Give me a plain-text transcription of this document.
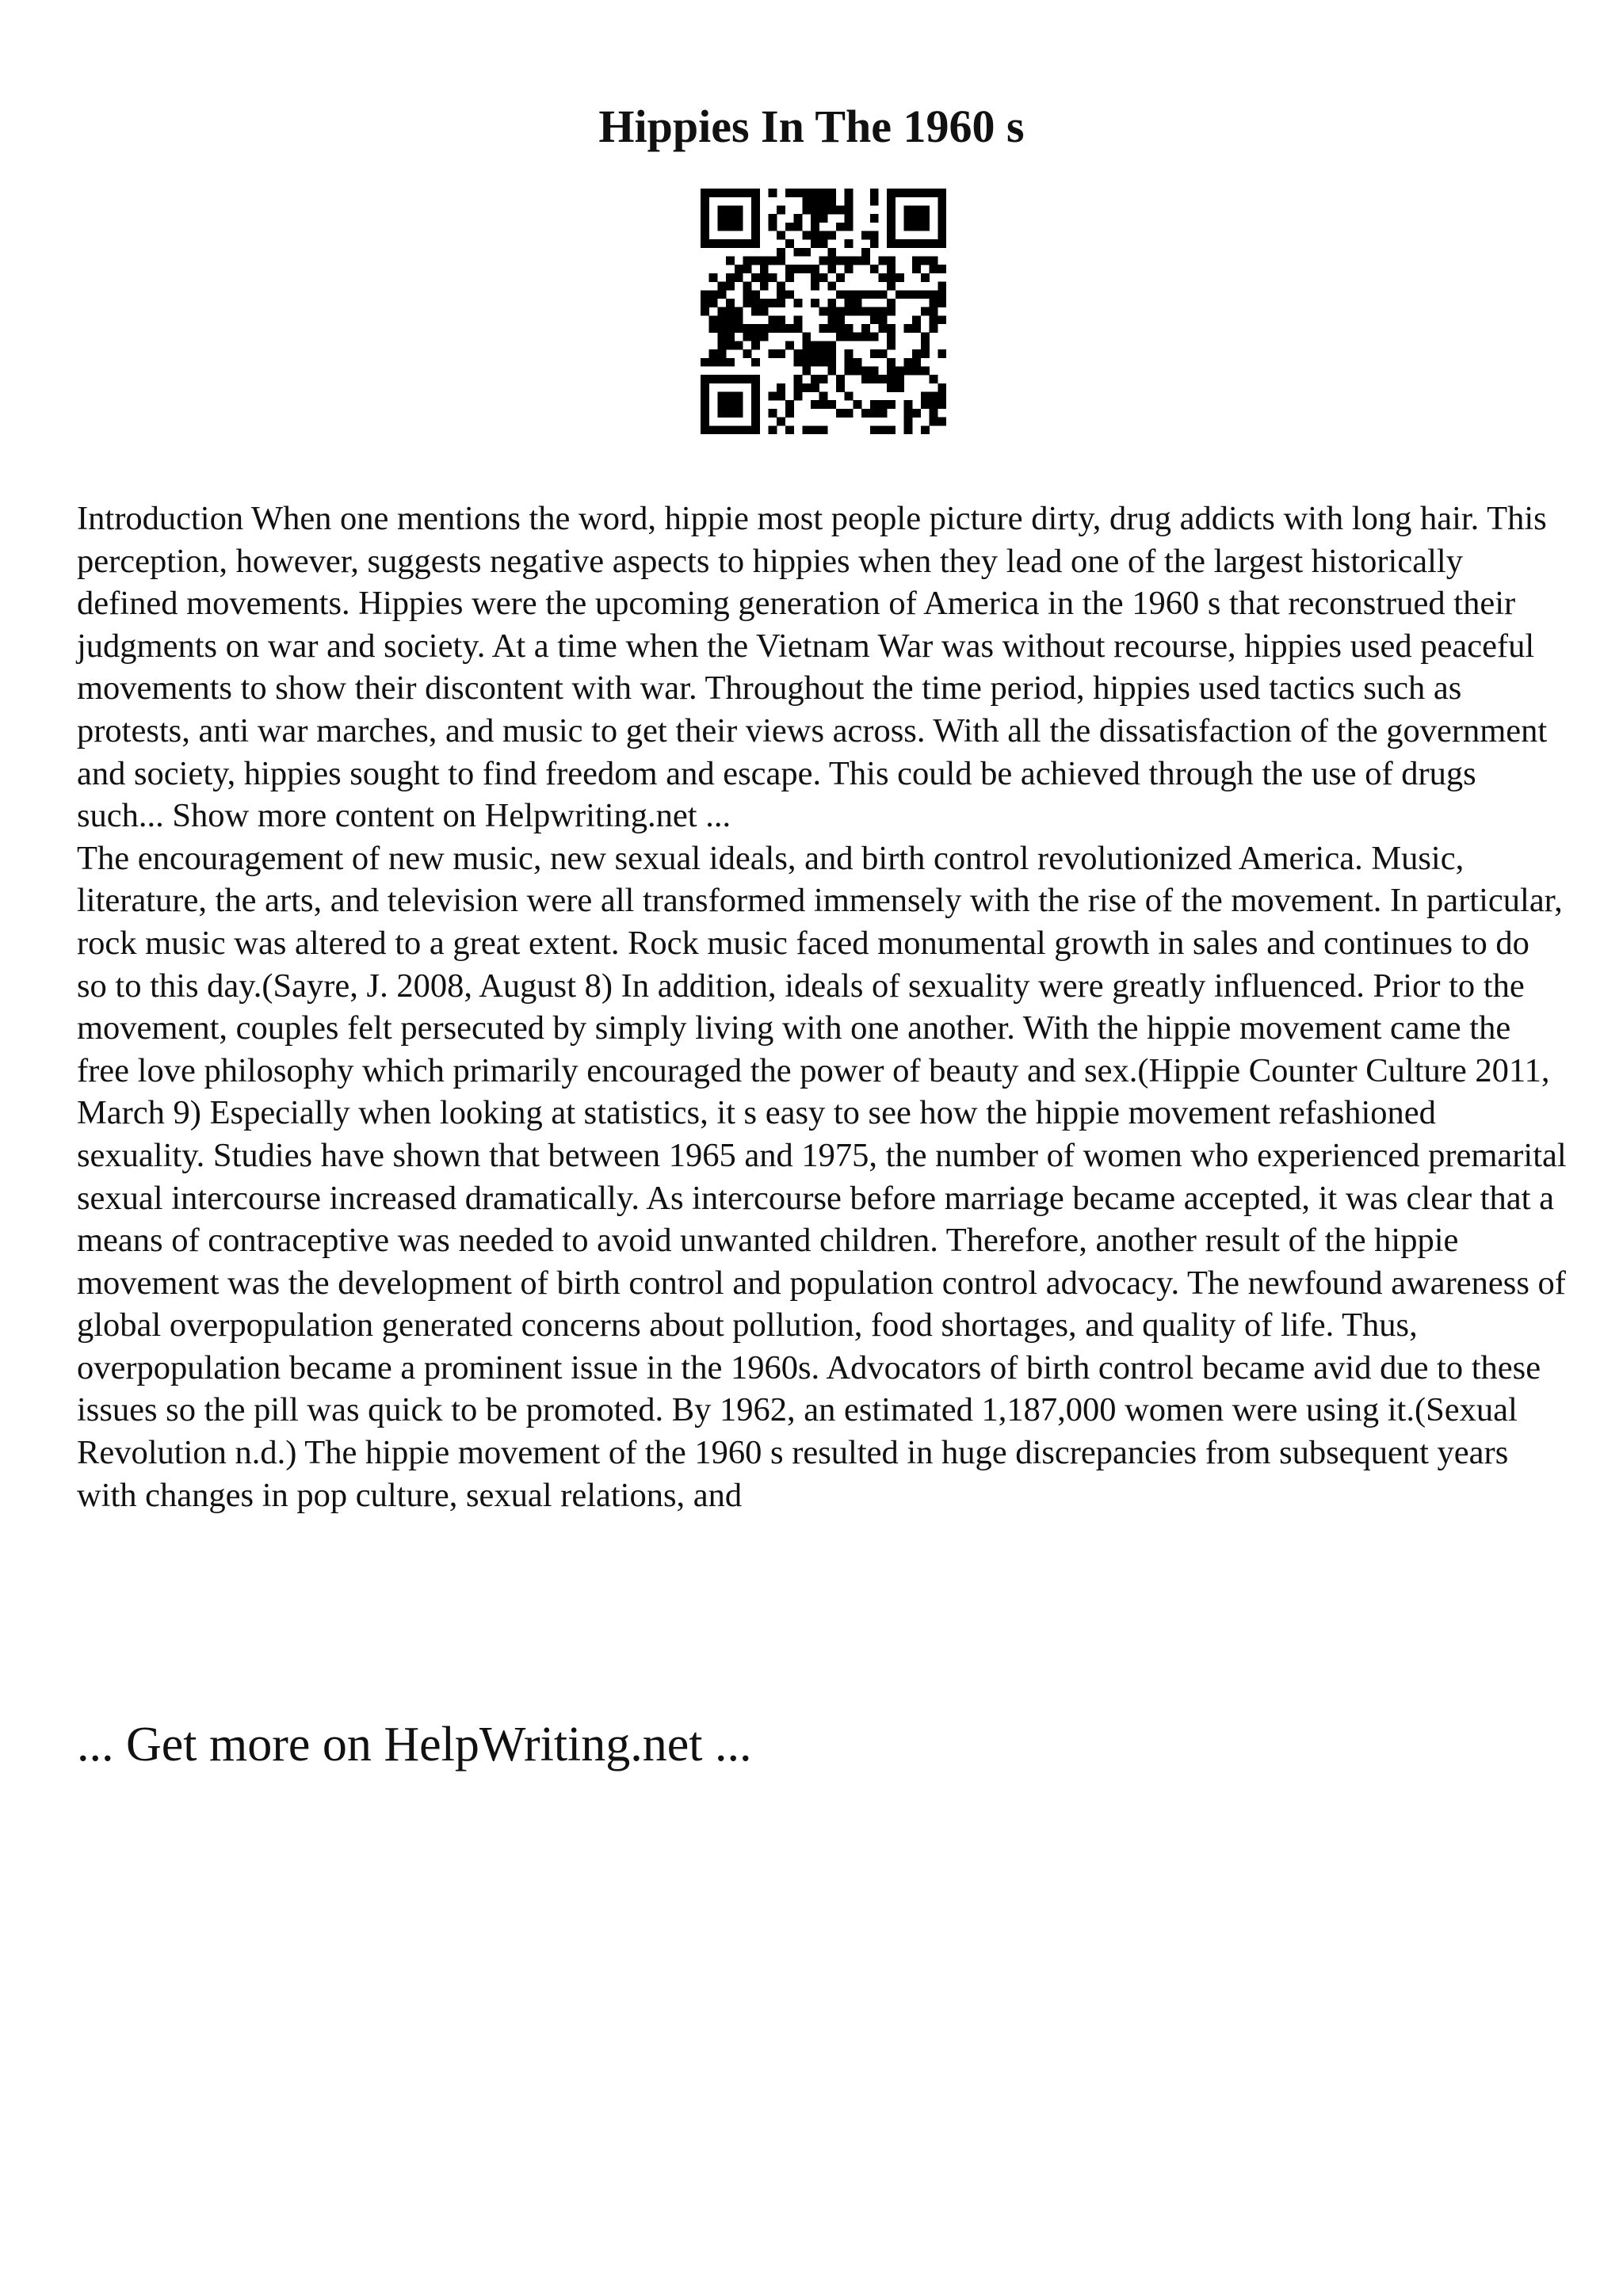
Hippies In The 1960 s

Introduction When one mentions the word, hippie most people picture dirty, drug addicts with long hair. This perception, however, suggests negative aspects to hippies when they lead one of the largest historically defined movements. Hippies were the upcoming generation of America in the 1960 s that reconstrued their judgments on war and society. At a time when the Vietnam War was without recourse, hippies used peaceful movements to show their discontent with war. Throughout the time period, hippies used tactics such as protests, anti war marches, and music to get their views across. With all the dissatisfaction of the government and society, hippies sought to find freedom and escape. This could be achieved through the use of drugs such... Show more content on Helpwriting.net ...

The encouragement of new music, new sexual ideals, and birth control revolutionized America. Music, literature, the arts, and television were all transformed immensely with the rise of the movement. In particular, rock music was altered to a great extent. Rock music faced monumental growth in sales and continues to do so to this day.(Sayre, J. 2008, August 8) In addition, ideals of sexuality were greatly influenced. Prior to the movement, couples felt persecuted by simply living with one another. With the hippie movement came the free love philosophy which primarily encouraged the power of beauty and sex.(Hippie Counter Culture 2011, March 9) Especially when looking at statistics, it s easy to see how the hippie movement refashioned sexuality. Studies have shown that between 1965 and 1975, the number of women who experienced premarital sexual intercourse increased dramatically. As intercourse before marriage became accepted, it was clear that a means of contraceptive was needed to avoid unwanted children. Therefore, another result of the hippie movement was the development of birth control and population control advocacy. The newfound awareness of global overpopulation generated concerns about pollution, food shortages, and quality of life. Thus, overpopulation became a prominent issue in the 1960s. Advocators of birth control became avid due to these issues so the pill was quick to be promoted. By 1962, an estimated 1,187,000 women were using it.(Sexual Revolution n.d.) The hippie movement of the 1960 s resulted in huge discrepancies from subsequent years with changes in pop culture, sexual relations, and

... Get more on HelpWriting.net ...
